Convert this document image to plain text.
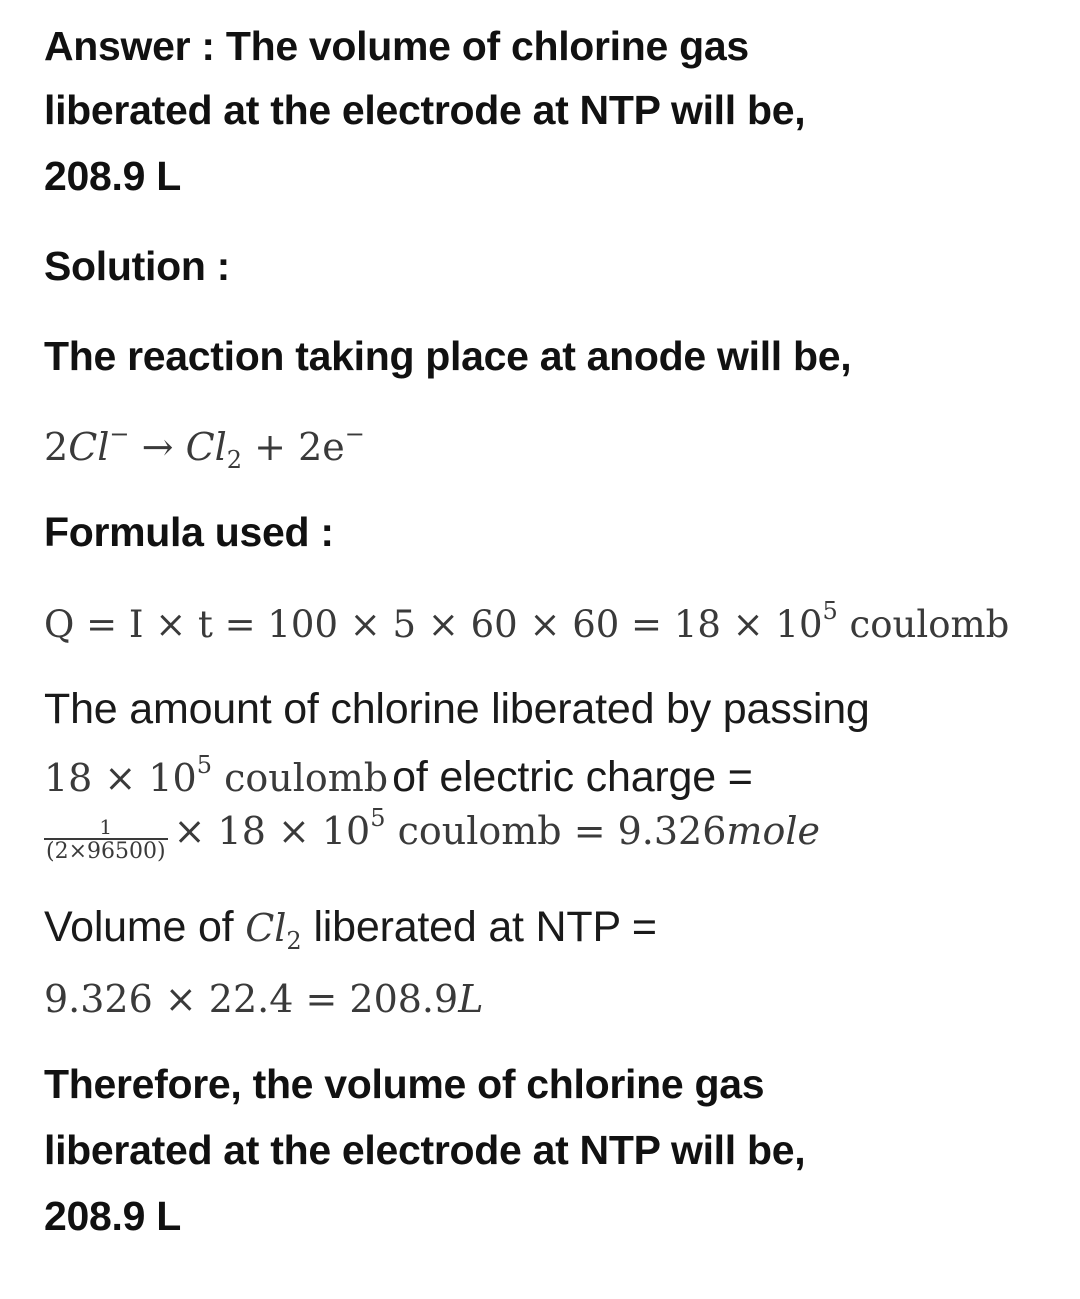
Answer : The volume of chlorine gas
liberated at the electrode at NTP will be,
208.9 L
Solution :
The reaction taking place at anode will be,
$2Cl^- \to Cl_2 + 2e^-$
Formula used :
$Q = I \times t = 100 \times 5 \times 60 \times 60 = 18 \times 10^5$ coulomb
The amount of chlorine liberated by passing
$18 \times 10^5$ coulomb of electric charge =
$\frac{1}{(2\times 96500)} \times 18 \times 10^5$ coulomb = 9.326mole
Volume of $Cl_2$ liberated at NTP =
9.326 × 22.4 = 208.9L
Therefore, the volume of chlorine gas
liberated at the electrode at NTP will be,
208.9 L
